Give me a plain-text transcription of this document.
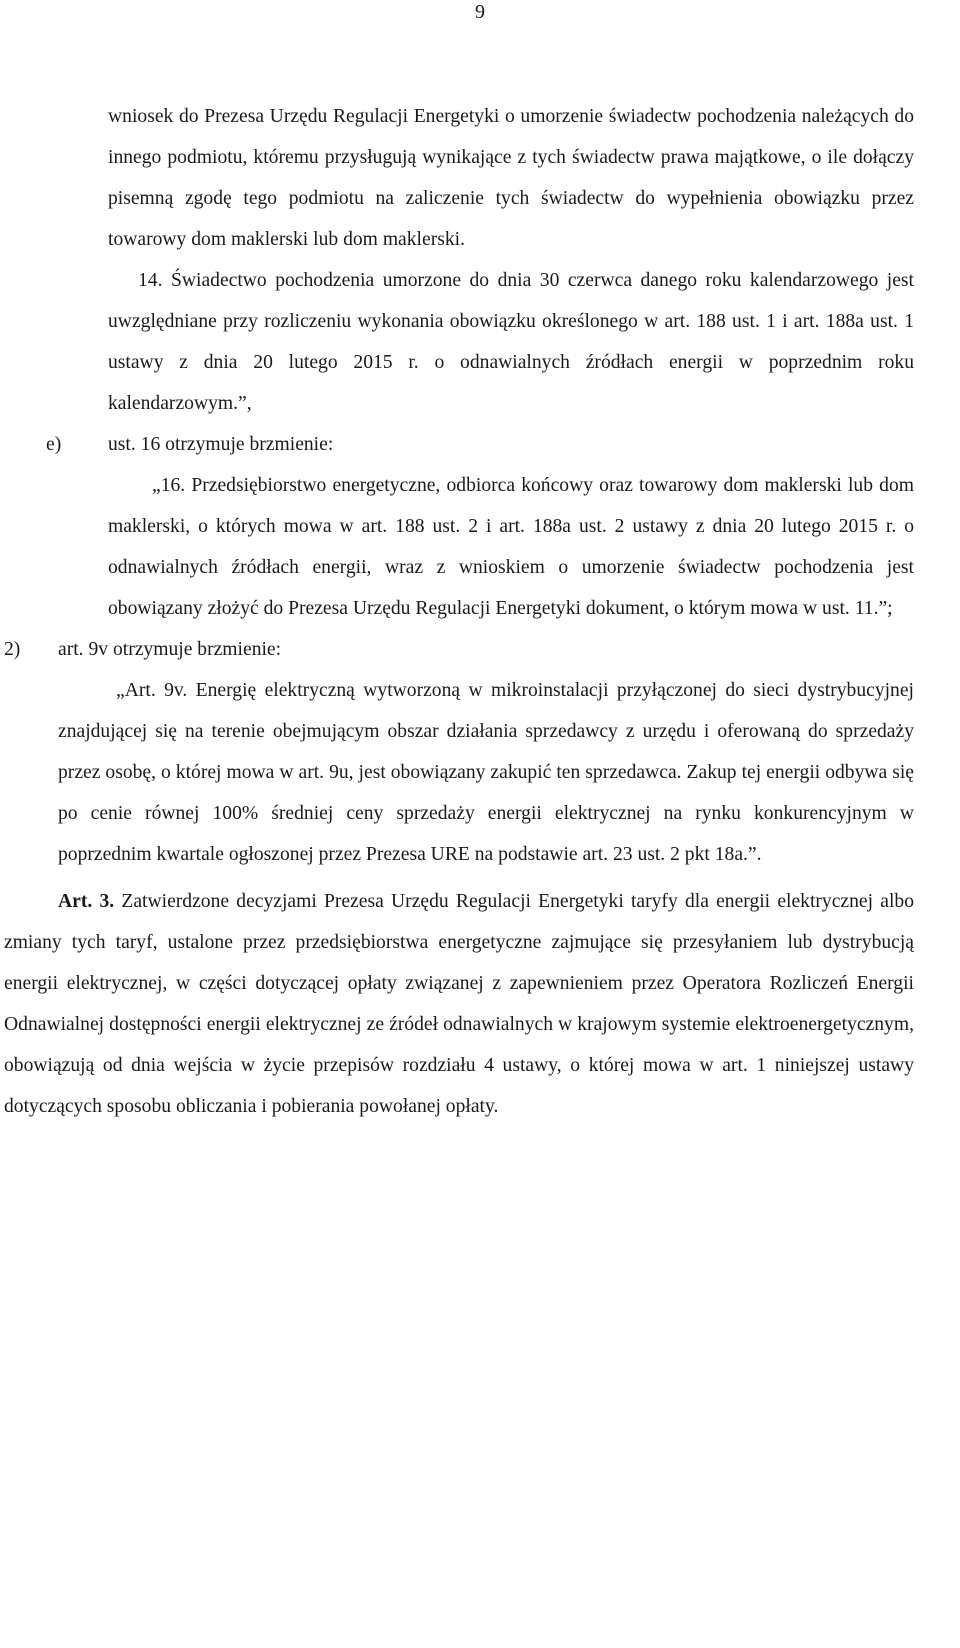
9

wniosek do Prezesa Urzędu Regulacji Energetyki o umorzenie świadectw pochodzenia należących do innego podmiotu, któremu przysługują wynikające z tych świadectw prawa majątkowe, o ile dołączy pisemną zgodę tego podmiotu na zaliczenie tych świadectw do wypełnienia obowiązku przez towarowy dom maklerski lub dom maklerski.

14. Świadectwo pochodzenia umorzone do dnia 30 czerwca danego roku kalendarzowego jest uwzględniane przy rozliczeniu wykonania obowiązku określonego w art. 188 ust. 1 i art. 188a ust. 1 ustawy z dnia 20 lutego 2015 r. o odnawialnych źródłach energii w poprzednim roku kalendarzowym.”,

e) ust. 16 otrzymuje brzmienie:

„16. Przedsiębiorstwo energetyczne, odbiorca końcowy oraz towarowy dom maklerski lub dom maklerski, o których mowa w art. 188 ust. 2 i art. 188a ust. 2 ustawy z dnia 20 lutego 2015 r. o odnawialnych źródłach energii, wraz z wnioskiem o umorzenie świadectw pochodzenia jest obowiązany złożyć do Prezesa Urzędu Regulacji Energetyki dokument, o którym mowa w ust. 11.”;

2) art. 9v otrzymuje brzmienie:

„Art. 9v. Energię elektryczną wytworzoną w mikroinstalacji przyłączonej do sieci dystrybucyjnej znajdującej się na terenie obejmującym obszar działania sprzedawcy z urzędu i oferowaną do sprzedaży przez osobę, o której mowa w art. 9u, jest obowiązany zakupić ten sprzedawca. Zakup tej energii odbywa się po cenie równej 100% średniej ceny sprzedaży energii elektrycznej na rynku konkurencyjnym w poprzednim kwartale ogłoszonej przez Prezesa URE na podstawie art. 23 ust. 2 pkt 18a.”.

Art. 3. Zatwierdzone decyzjami Prezesa Urzędu Regulacji Energetyki taryfy dla energii elektrycznej albo zmiany tych taryf, ustalone przez przedsiębiorstwa energetyczne zajmujące się przesyłaniem lub dystrybucją energii elektrycznej, w części dotyczącej opłaty związanej z zapewnieniem przez Operatora Rozliczeń Energii Odnawialnej dostępności energii elektrycznej ze źródeł odnawialnych w krajowym systemie elektroenergetycznym, obowiązują od dnia wejścia w życie przepisów rozdziału 4 ustawy, o której mowa w art. 1 niniejszej ustawy dotyczących sposobu obliczania i pobierania powołanej opłaty.
